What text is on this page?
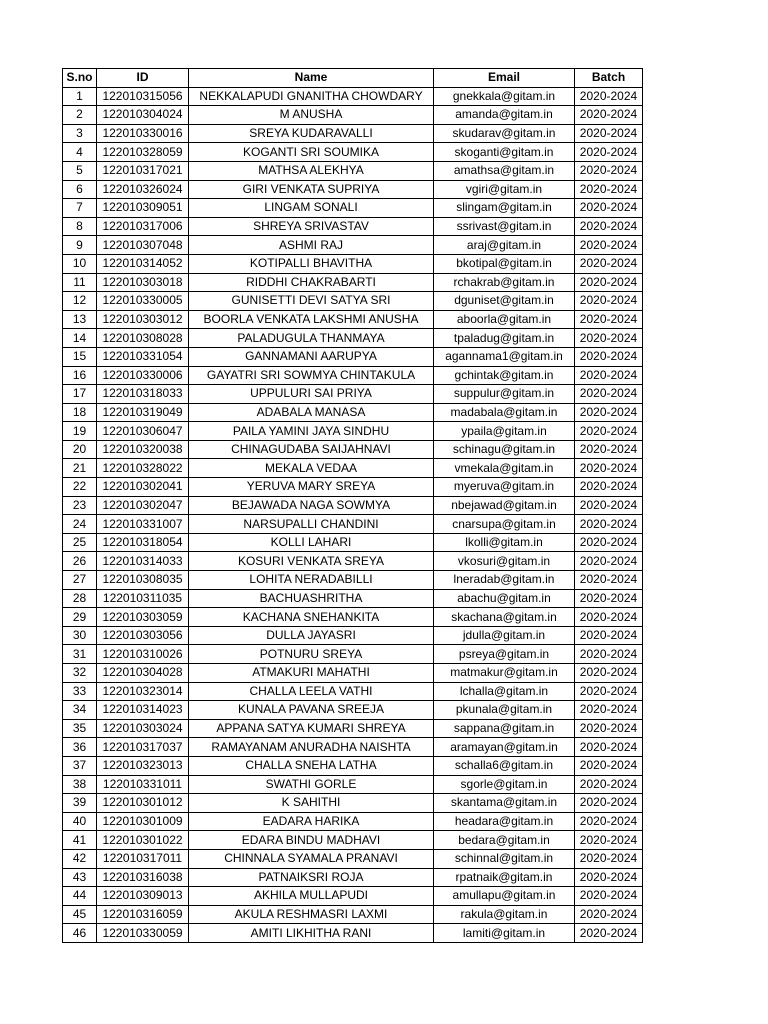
S.no	ID	Name	Email	Batch
1	122010315056	NEKKALAPUDI GNANITHA CHOWDARY	gnekkala@gitam.in	2020-2024
2	122010304024	M ANUSHA	amanda@gitam.in	2020-2024
3	122010330016	SREYA KUDARAVALLI	skudarav@gitam.in	2020-2024
4	122010328059	KOGANTI SRI SOUMIKA	skoganti@gitam.in	2020-2024
5	122010317021	MATHSA ALEKHYA	amathsa@gitam.in	2020-2024
6	122010326024	GIRI VENKATA SUPRIYA	vgiri@gitam.in	2020-2024
7	122010309051	LINGAM SONALI	slingam@gitam.in	2020-2024
8	122010317006	SHREYA SRIVASTAV	ssrivast@gitam.in	2020-2024
9	122010307048	ASHMI RAJ	araj@gitam.in	2020-2024
10	122010314052	KOTIPALLI BHAVITHA	bkotipal@gitam.in	2020-2024
11	122010303018	RIDDHI CHAKRABARTI	rchakrab@gitam.in	2020-2024
12	122010330005	GUNISETTI DEVI SATYA SRI	dguniset@gitam.in	2020-2024
13	122010303012	BOORLA VENKATA LAKSHMI ANUSHA	aboorla@gitam.in	2020-2024
14	122010308028	PALADUGULA THANMAYA	tpaladug@gitam.in	2020-2024
15	122010331054	GANNAMANI AARUPYA	agannama1@gitam.in	2020-2024
16	122010330006	GAYATRI SRI SOWMYA CHINTAKULA	gchintak@gitam.in	2020-2024
17	122010318033	UPPULURI SAI PRIYA	suppulur@gitam.in	2020-2024
18	122010319049	ADABALA MANASA	madabala@gitam.in	2020-2024
19	122010306047	PAILA YAMINI JAYA SINDHU	ypaila@gitam.in	2020-2024
20	122010320038	CHINAGUDABA SAIJAHNAVI	schinagu@gitam.in	2020-2024
21	122010328022	MEKALA VEDAA	vmekala@gitam.in	2020-2024
22	122010302041	YERUVA MARY SREYA	myeruva@gitam.in	2020-2024
23	122010302047	BEJAWADA NAGA SOWMYA	nbejawad@gitam.in	2020-2024
24	122010331007	NARSUPALLI CHANDINI	cnarsupa@gitam.in	2020-2024
25	122010318054	KOLLI LAHARI	lkolli@gitam.in	2020-2024
26	122010314033	KOSURI VENKATA SREYA	vkosuri@gitam.in	2020-2024
27	122010308035	LOHITA NERADABILLI	lneradab@gitam.in	2020-2024
28	122010311035	BACHUASHRITHA	abachu@gitam.in	2020-2024
29	122010303059	KACHANA SNEHANKITA	skachana@gitam.in	2020-2024
30	122010303056	DULLA JAYASRI	jdulla@gitam.in	2020-2024
31	122010310026	POTNURU SREYA	psreya@gitam.in	2020-2024
32	122010304028	ATMAKURI MAHATHI	matmakur@gitam.in	2020-2024
33	122010323014	CHALLA LEELA VATHI	lchalla@gitam.in	2020-2024
34	122010314023	KUNALA PAVANA SREEJA	pkunala@gitam.in	2020-2024
35	122010303024	APPANA SATYA KUMARI SHREYA	sappana@gitam.in	2020-2024
36	122010317037	RAMAYANAM ANURADHA NAISHTA	aramayan@gitam.in	2020-2024
37	122010323013	CHALLA SNEHA LATHA	schalla6@gitam.in	2020-2024
38	122010331011	SWATHI GORLE	sgorle@gitam.in	2020-2024
39	122010301012	K SAHITHI	skantama@gitam.in	2020-2024
40	122010301009	EADARA HARIKA	headara@gitam.in	2020-2024
41	122010301022	EDARA BINDU MADHAVI	bedara@gitam.in	2020-2024
42	122010317011	CHINNALA SYAMALA PRANAVI	schinnal@gitam.in	2020-2024
43	122010316038	PATNAIKSRI ROJA	rpatnaik@gitam.in	2020-2024
44	122010309013	AKHILA MULLAPUDI	amullapu@gitam.in	2020-2024
45	122010316059	AKULA RESHMASRI LAXMI	rakula@gitam.in	2020-2024
46	122010330059	AMITI LIKHITHA RANI	lamiti@gitam.in	2020-2024
